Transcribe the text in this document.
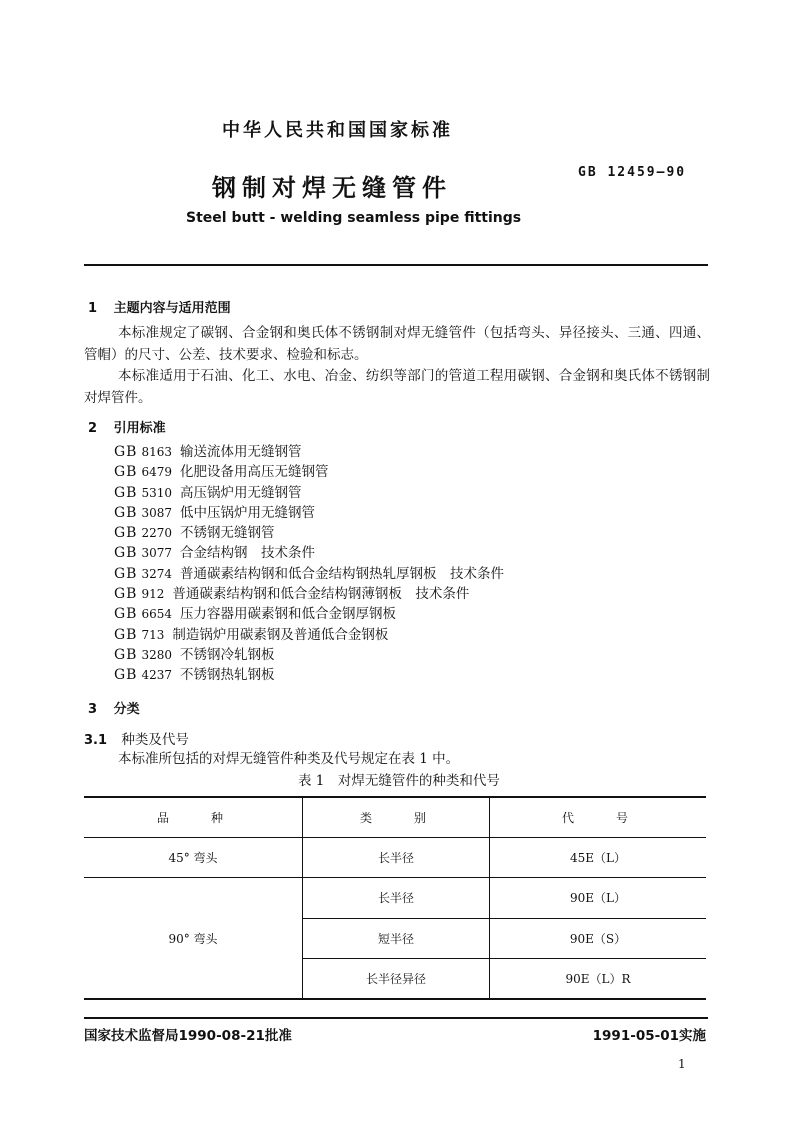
中华人民共和国国家标准
钢制对焊无缝管件
GB 12459—90
Steel butt - welding seamless pipe fittings
1 主题内容与适用范围
本标准规定了碳钢、合金钢和奥氏体不锈钢制对焊无缝管件（包括弯头、异径接头、三通、四通、管帽）的尺寸、公差、技术要求、检验和标志。
本标准适用于石油、化工、水电、冶金、纺织等部门的管道工程用碳钢、合金钢和奥氏体不锈钢制对焊管件。
2 引用标准
GB 8163 输送流体用无缝钢管
GB 6479 化肥设备用高压无缝钢管
GB 5310 高压锅炉用无缝钢管
GB 3087 低中压锅炉用无缝钢管
GB 2270 不锈钢无缝钢管
GB 3077 合金结构钢　技术条件
GB 3274 普通碳素结构钢和低合金结构钢热轧厚钢板　技术条件
GB 912 普通碳素结构钢和低合金结构钢薄钢板　技术条件
GB 6654 压力容器用碳素钢和低合金钢厚钢板
GB 713 制造锅炉用碳素钢及普通低合金钢板
GB 3280 不锈钢冷轧钢板
GB 4237 不锈钢热轧钢板
3 分类
3.1 种类及代号
本标准所包括的对焊无缝管件种类及代号规定在表 1 中。
表 1　对焊无缝管件的种类和代号
品　　种	类　　别	代　　号
45° 弯头	长半径	45E（L）
90° 弯头	长半径	90E（L）
	短半径	90E（S）
	长半径异径	90E（L）R
国家技术监督局1990-08-21批准	1991-05-01实施
1
